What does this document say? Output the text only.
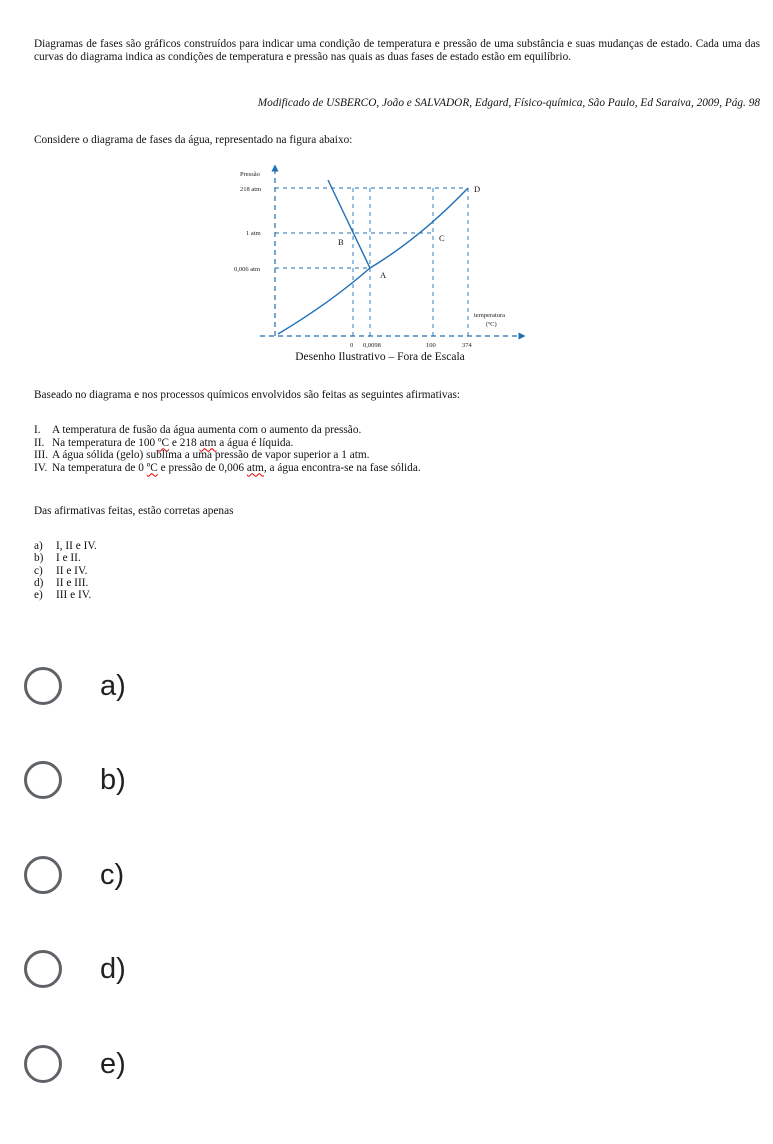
Diagramas de fases são gráficos construídos para indicar uma condição de temperatura e pressão de uma substância e suas mudanças de estado. Cada uma das curvas do diagrama indica as condições de temperatura e pressão nas quais as duas fases de estado estão em equilíbrio.
Modificado de USBERCO, João e SALVADOR, Edgard, Físico-química, São Paulo, Ed Saraiva, 2009, Pág. 98
Considere o diagrama de fases da água, representado na figura abaixo:
Pressão
218 atm
1 atm
0,006 atm
temperatura
(ºC)
0 0,0098	100	374
A
B	C
D
Desenho Ilustrativo – Fora de Escala
Baseado no diagrama e nos processos químicos envolvidos são feitas as seguintes afirmativas:
I.	A temperatura de fusão da água aumenta com o aumento da pressão.
II. Na temperatura de 100 ºC e 218 atm a água é líquida.
III. A água sólida (gelo) sublima a uma pressão de vapor superior a 1 atm.
IV. Na temperatura de 0 ºC e pressão de 0,006 atm, a água encontra-se na fase sólida.
Das afirmativas feitas, estão corretas apenas
a)	I, II e IV.
b)	I e II.
c)	II e IV.
d)	II e III.
e)	III e IV.
a)
b)
c)
d)
e)
